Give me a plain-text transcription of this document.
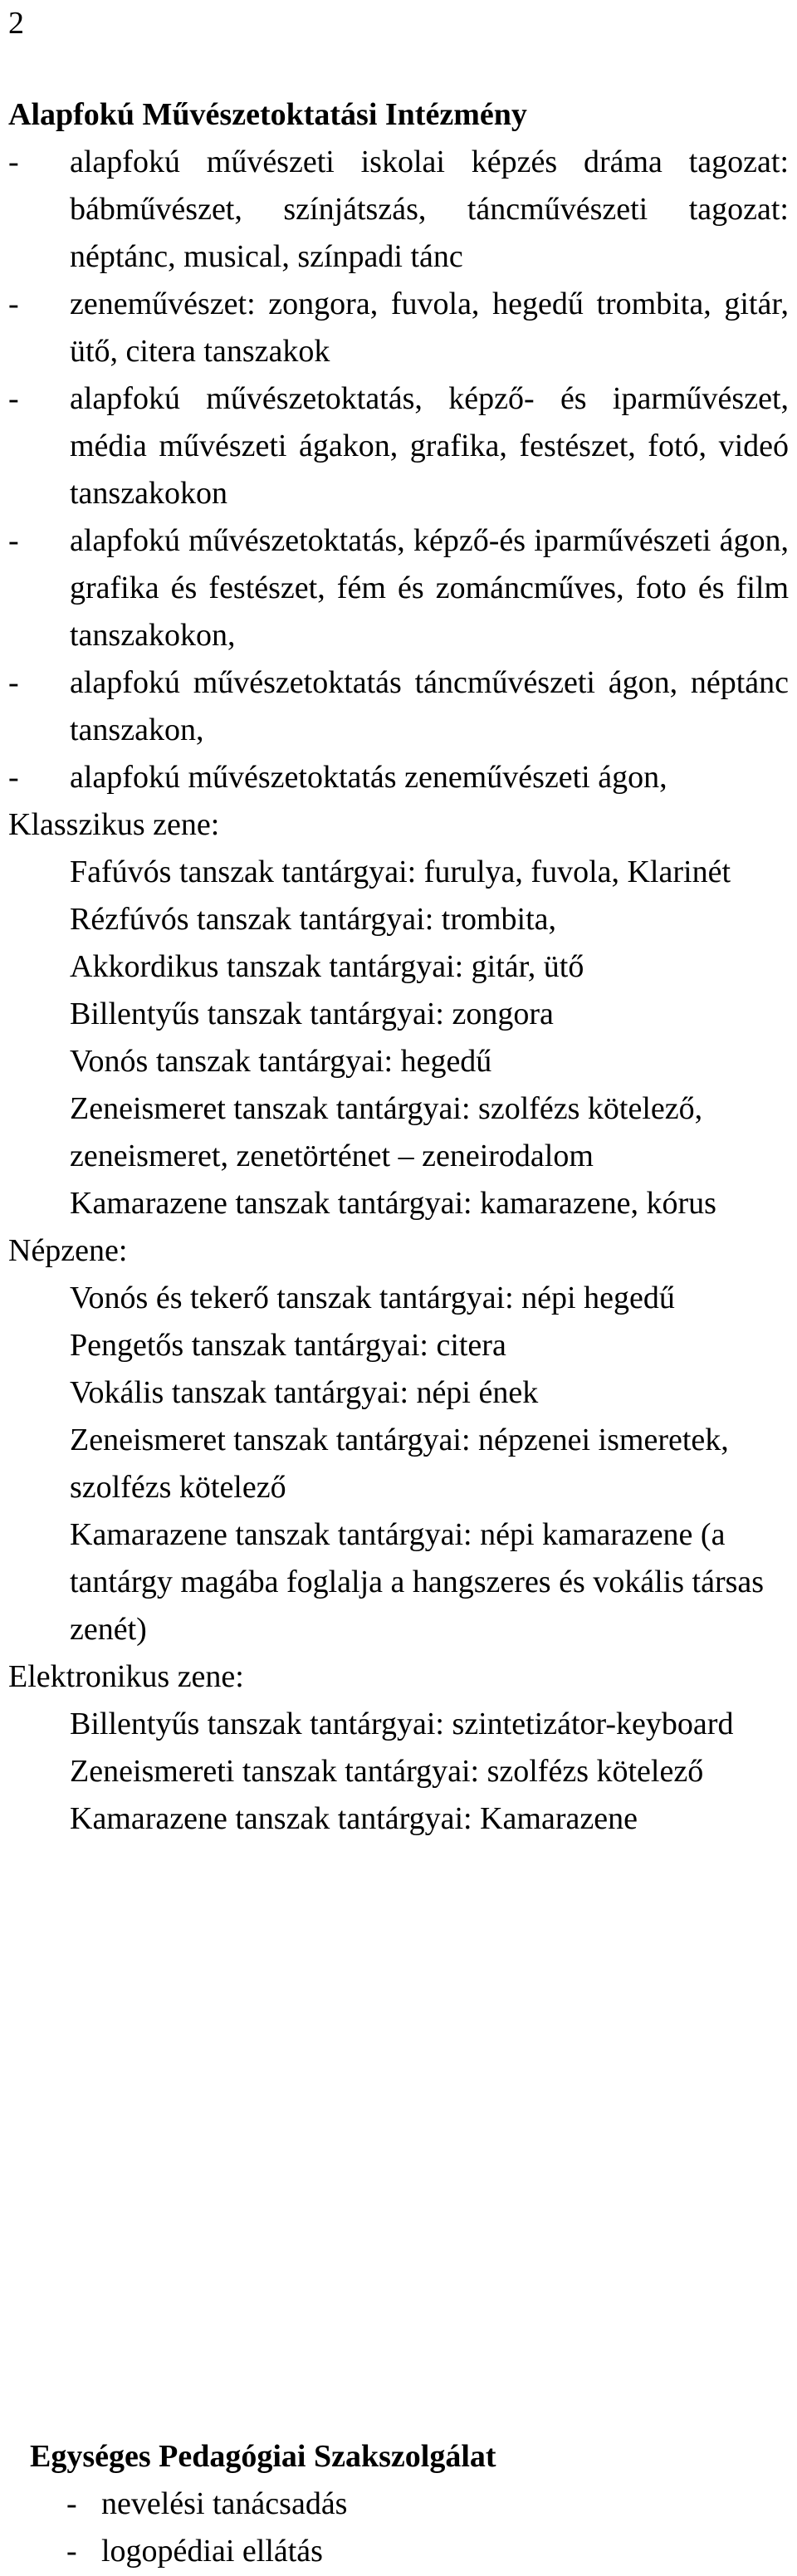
2
Alapfokú Művészetoktatási Intézmény
- alapfokú művészeti iskolai képzés dráma tagozat: bábművészet, színjátszás, táncművészeti tagozat: néptánc, musical, színpadi tánc
- zeneművészet: zongora, fuvola, hegedű trombita, gitár, ütő, citera tanszakok
- alapfokú művészetoktatás, képző- és iparművészet, média művészeti ágakon, grafika, festészet, fotó, videó tanszakokon
- alapfokú művészetoktatás, képző-és iparművészeti ágon, grafika és festészet, fém és zománcműves, foto és film tanszakokon,
- alapfokú művészetoktatás táncművészeti ágon, néptánc tanszakon,
- alapfokú művészetoktatás zeneművészeti ágon,
Klasszikus zene:
Fafúvós tanszak tantárgyai: furulya, fuvola, Klarinét
Rézfúvós tanszak tantárgyai: trombita,
Akkordikus tanszak tantárgyai: gitár, ütő
Billentyűs tanszak tantárgyai: zongora
Vonós tanszak tantárgyai: hegedű
Zeneismeret tanszak tantárgyai: szolfézs kötelező, zeneismeret, zenetörténet – zeneirodalom
Kamarazene tanszak tantárgyai: kamarazene, kórus
Népzene:
Vonós és tekerő tanszak tantárgyai: népi hegedű
Pengetős tanszak tantárgyai: citera
Vokális tanszak tantárgyai: népi ének
Zeneismeret tanszak tantárgyai: népzenei ismeretek, szolfézs kötelező
Kamarazene tanszak tantárgyai: népi kamarazene (a tantárgy magába foglalja a hangszeres és vokális társas zenét)
Elektronikus zene:
Billentyűs tanszak tantárgyai: szintetizátor-keyboard
Zeneismereti tanszak tantárgyai: szolfézs kötelező
Kamarazene tanszak tantárgyai: Kamarazene
Egységes Pedagógiai Szakszolgálat
- nevelési tanácsadás
- logopédiai ellátás
